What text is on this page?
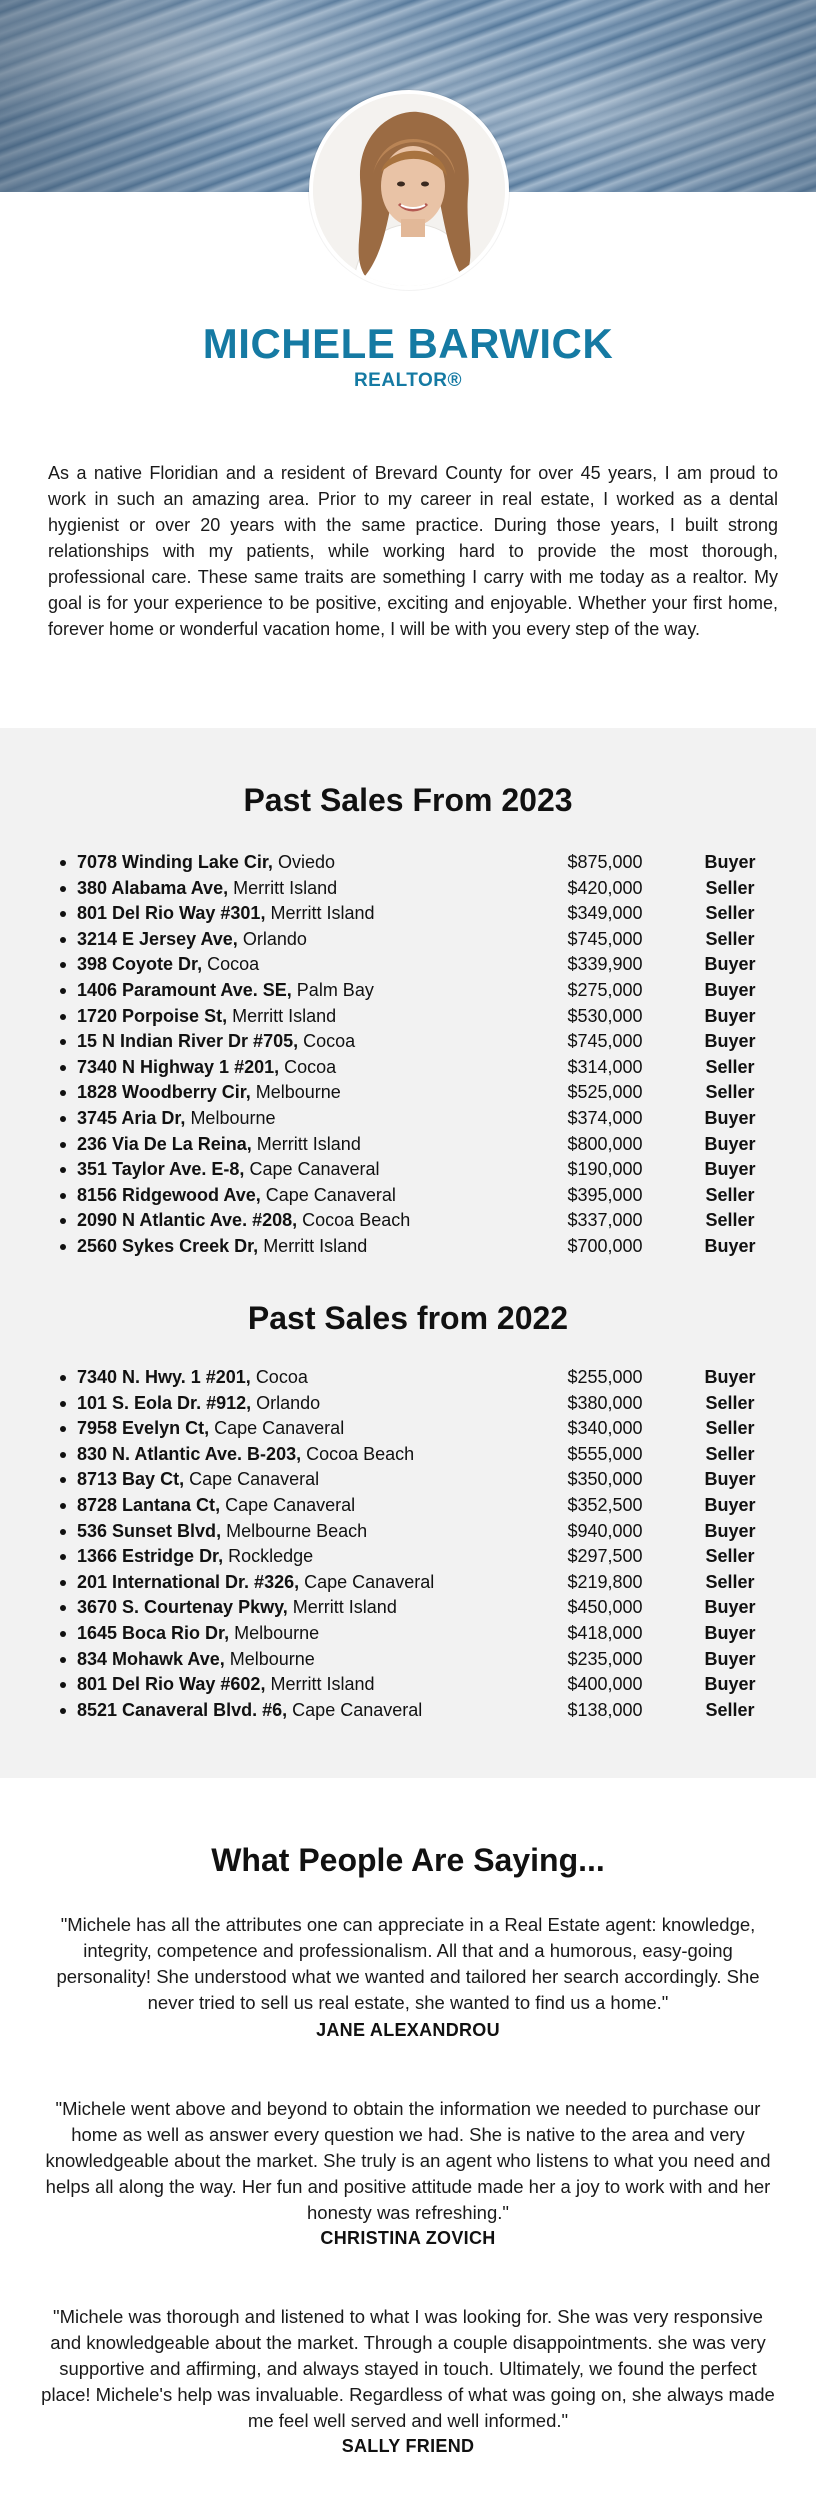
MICHELE BARWICK
REALTOR®

As a native Floridian and a resident of Brevard County for over 45 years, I am proud to work in such an amazing area. Prior to my career in real estate, I worked as a dental hygienist or over 20 years with the same practice. During those years, I built strong relationships with my patients, while working hard to provide the most thorough, professional care. These same traits are something I carry with me today as a realtor. My goal is for your experience to be positive, exciting and enjoyable. Whether your first home, forever home or wonderful vacation home, I will be with you every step of the way.

Past Sales From 2023
7078 Winding Lake Cir, Oviedo	$875,000	Buyer
380 Alabama Ave, Merritt Island	$420,000	Seller
801 Del Rio Way #301, Merritt Island	$349,000	Seller
3214 E Jersey Ave, Orlando	$745,000	Seller
398 Coyote Dr, Cocoa	$339,900	Buyer
1406 Paramount Ave. SE, Palm Bay	$275,000	Buyer
1720 Porpoise St, Merritt Island	$530,000	Buyer
15 N Indian River Dr #705, Cocoa	$745,000	Buyer
7340 N Highway 1 #201, Cocoa	$314,000	Seller
1828 Woodberry Cir, Melbourne	$525,000	Seller
3745 Aria Dr, Melbourne	$374,000	Buyer
236 Via De La Reina, Merritt Island	$800,000	Buyer
351 Taylor Ave. E-8, Cape Canaveral	$190,000	Buyer
8156 Ridgewood Ave, Cape Canaveral	$395,000	Seller
2090 N Atlantic Ave. #208, Cocoa Beach	$337,000	Seller
2560 Sykes Creek Dr, Merritt Island	$700,000	Buyer
Past Sales from 2022
7340 N. Hwy. 1 #201, Cocoa	$255,000	Buyer
101 S. Eola Dr. #912, Orlando	$380,000	Seller
7958 Evelyn Ct, Cape Canaveral	$340,000	Seller
830 N. Atlantic Ave. B-203, Cocoa Beach	$555,000	Seller
8713 Bay Ct, Cape Canaveral	$350,000	Buyer
8728 Lantana Ct, Cape Canaveral	$352,500	Buyer
536 Sunset Blvd, Melbourne Beach	$940,000	Buyer
1366 Estridge Dr, Rockledge	$297,500	Seller
201 International Dr. #326, Cape Canaveral	$219,800	Seller
3670 S. Courtenay Pkwy, Merritt Island	$450,000	Buyer
1645 Boca Rio Dr, Melbourne	$418,000	Buyer
834 Mohawk Ave, Melbourne	$235,000	Buyer
801 Del Rio Way #602, Merritt Island	$400,000	Buyer
8521 Canaveral Blvd. #6, Cape Canaveral	$138,000	Seller
What People Are Saying...

"Michele has all the attributes one can appreciate in a Real Estate agent: knowledge, integrity, competence and professionalism. All that and a humorous, easy-going personality! She understood what we wanted and tailored her search accordingly. She never tried to sell us real estate, she wanted to find us a home."

JANE ALEXANDROU

"Michele went above and beyond to obtain the information we needed to purchase our home as well as answer every question we had. She is native to the area and very knowledgeable about the market. She truly is an agent who listens to what you need and helps all along the way. Her fun and positive attitude made her a joy to work with and her honesty was refreshing."

CHRISTINA ZOVICH

"Michele was thorough and listened to what I was looking for. She was very responsive and knowledgeable about the market. Through a couple disappointments. she was very supportive and affirming, and always stayed in touch. Ultimately, we found the perfect place! Michele's help was invaluable. Regardless of what was going on, she always made me feel well served and well informed."

SALLY FRIEND
